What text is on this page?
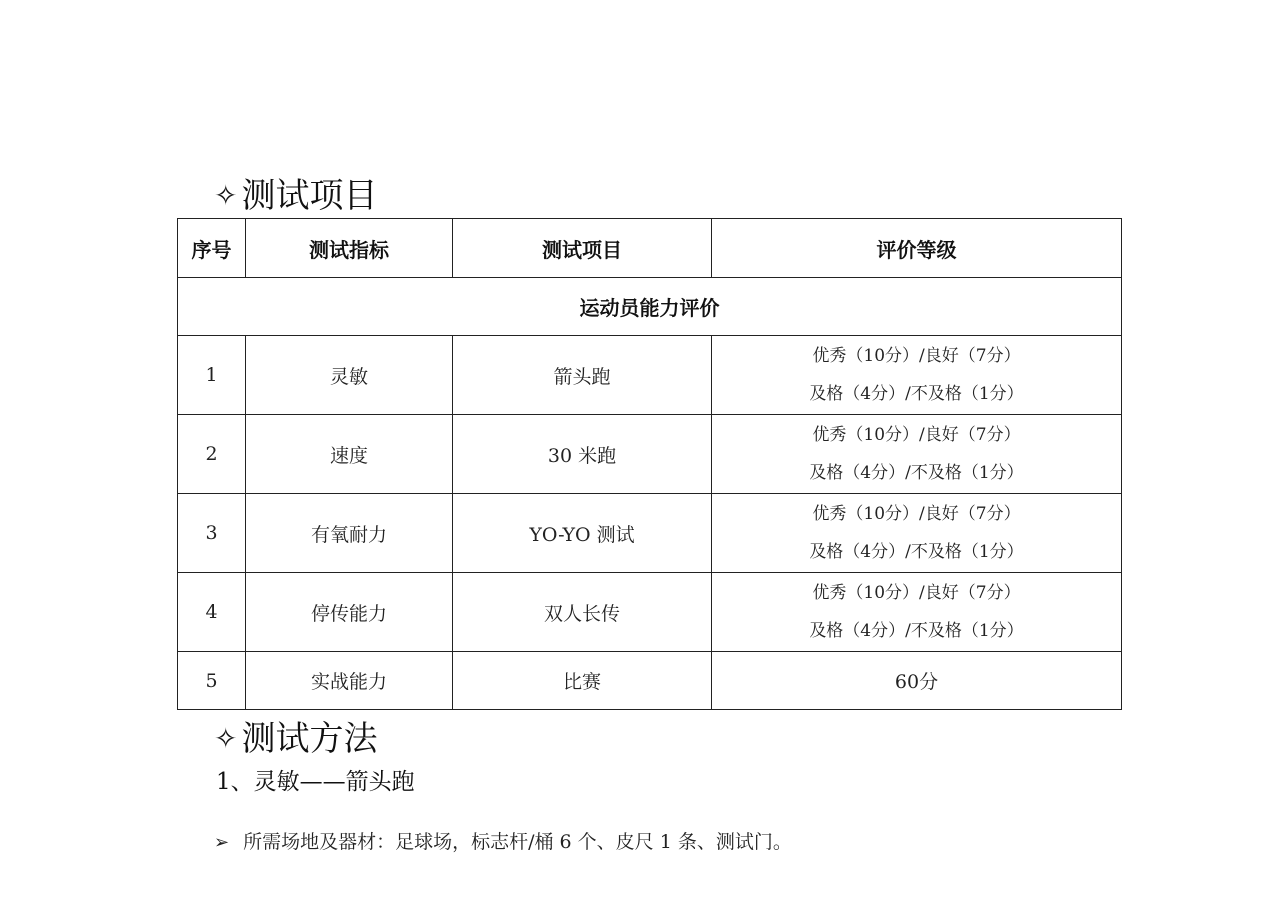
✧ 测试项目
序号	测试指标	测试项目	评价等级
运动员能力评价			
1	灵敏	箭头跑	优秀（10分）/良好（7分）
及格（4分）/不及格（1分）

2	速度	30 米跑	优秀（10分）/良好（7分）
及格（4分）/不及格（1分）

3	有氧耐力	YO-YO 测试	优秀（10分）/良好（7分）
及格（4分）/不及格（1分）

4	停传能力	双人长传	优秀（10分）/良好（7分）
及格（4分）/不及格（1分）

5	实战能力	比赛	60分
✧ 测试方法
1、灵敏——箭头跑
➢ 所需场地及器材：足球场，标志杆/桶 6 个、皮尺 1 条、测试门。
